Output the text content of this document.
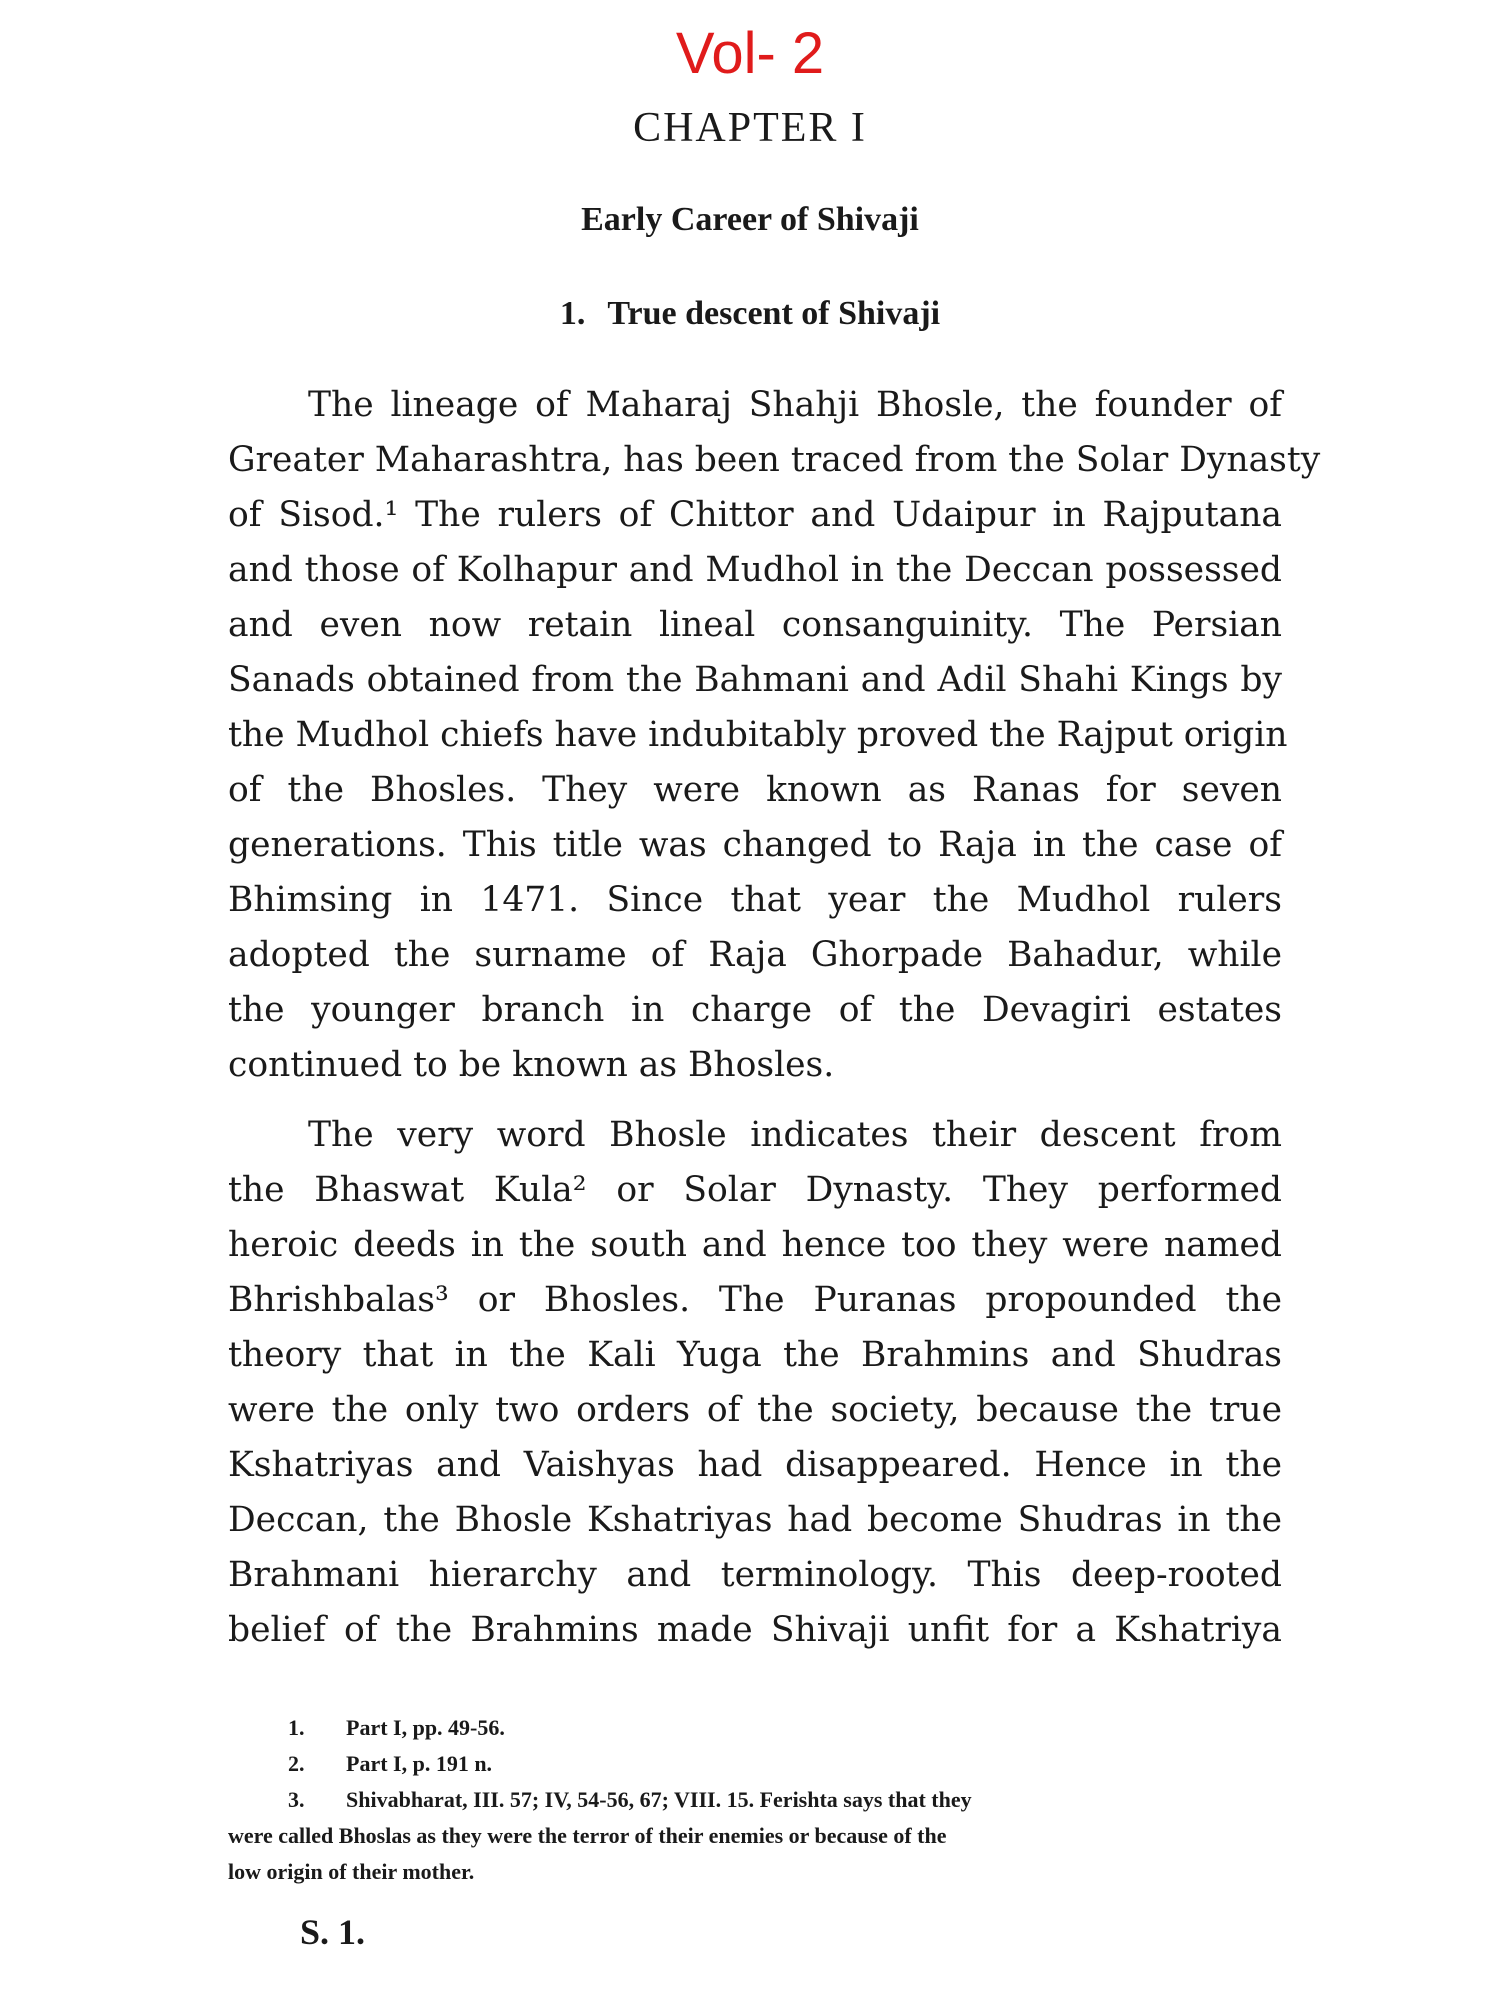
Vol- 2
CHAPTER I
Early Career of Shivaji
1. True descent of Shivaji
The lineage of Maharaj Shahji Bhosle, the founder of
Greater Maharashtra, has been traced from the Solar Dynasty
of Sisod.¹ The rulers of Chittor and Udaipur in Rajputana
and those of Kolhapur and Mudhol in the Deccan possessed
and even now retain lineal consanguinity. The Persian
Sanads obtained from the Bahmani and Adil Shahi Kings by
the Mudhol chiefs have indubitably proved the Rajput origin
of the Bhosles. They were known as Ranas for seven
generations. This title was changed to Raja in the case of
Bhimsing in 1471. Since that year the Mudhol rulers
adopted the surname of Raja Ghorpade Bahadur, while
the younger branch in charge of the Devagiri estates
continued to be known as Bhosles.
The very word Bhosle indicates their descent from
the Bhaswat Kula² or Solar Dynasty. They performed
heroic deeds in the south and hence too they were named
Bhrishbalas³ or Bhosles. The Puranas propounded the
theory that in the Kali Yuga the Brahmins and Shudras
were the only two orders of the society, because the true
Kshatriyas and Vaishyas had disappeared. Hence in the
Deccan, the Bhosle Kshatriyas had become Shudras in the
Brahmani hierarchy and terminology. This deep-rooted
belief of the Brahmins made Shivaji unfit for a Kshatriya
1. Part I, pp. 49-56.
2. Part I, p. 191 n.
3. Shivabharat, III. 57; IV, 54-56, 67; VIII. 15. Ferishta says that they
were called Bhoslas as they were the terror of their enemies or because of the
low origin of their mother.
S. 1.
